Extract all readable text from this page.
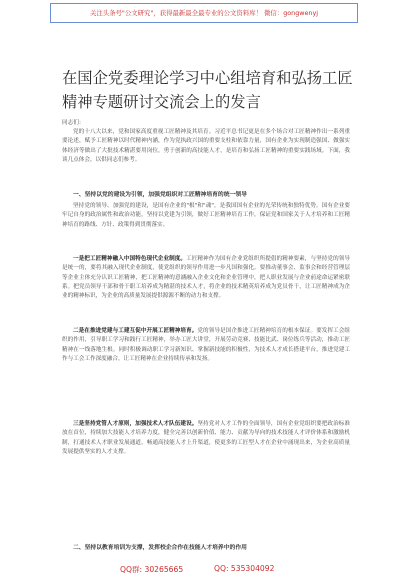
关注头条号"公文研究"，获得最新最全最专业的公文资料库！ 微信：gongwenyj
在国企党委理论学习中心组培育和弘扬工匠精神专题研讨交流会上的发言
同志们：

党的十八大以来，党和国家高度重视工匠精神及其培育。习近平总书记更是在多个场合对工匠精神作出一系列重要论述，赋予工匠精神以时代精神内涵，作为党执政兴国的重要支柱和依靠力量，国有企业为实现制造强国、做强实体经济等做出了大批技术精湛要用岗位，勇于创新的高技能人才，是培育和弘扬工匠精神的重要实践场域。下面，我谈几点体会，以供同志们参考。

一、坚持以党的建设为引领，加强党组织对工匠精神培育的统一领导

坚持党的领导、加强党的建设，是国有企业的"根"和"魂"，是我国国有企业的光荣传统和独特优势。国有企业要牢记自身的政治属性和政治功能，坚持以党建为引领，做好工匠精神培育工作，保证党和国家关于人才培养和工匠精神培育的路线、方针、政策得到贯彻落实。

一是把工匠精神融入中国特色现代企业制度。工匠精神作为国有企业党组织所提倡的精神要素，与坚持党的领导是统一的，要将其融入现代企业制度，使党组织的领导作用进一步凡国和强化。要推动董事会、监事会和经营管理层等企业主体充分认识工匠精神，把工匠精神的意涵融入企业文化和企业管理中，把人职业发展与企业前途命运紧密联系。把党员领导干部和骨干职工培养成为精湛的技术人才，将企业的技术精英培养成为党员骨干，让工匠精神成为企业的精神标识，为企业的高质量发展提供源源不断的动力和支撑。

二是在推进党建与工建互促中开展工匠精神培育。党的领导是国企推进工匠精神培育的根本保证。要发挥工会组织的作用，引导职工学习和践行工匠精神，举办工匠大讲堂，开展劳动竞赛、技能比武、岗位练兵等活动，推动工匠精神在一线落地生根。同时积极调动职工学习新知识、掌握新技能的积极性，为技术人才成长搭建平台，推进党建工作与工会工作深度融合，让工匠精神在企业持续传承和发扬。

三是坚持党管人才原则，加强技术人才队伍建设。坚持党对人才工作的全面领导，国有企业党组织要把政治标准放在首位，持续加大技能人才培养力度，健全完善以创新价值、能力、贡献为导向的技术技能人才评价体系和激励机制，打通技术人才职业发展通道，畅通高技能人才上升渠道，使更多的工匠型人才在企业中涌现出来，为企业高质量发展提供坚实的人才支撑。

二、坚持以教育培训为支撑，发挥校企合作在技能人才培养中的作用
QQ群: 30265665	QQ: 535304092
